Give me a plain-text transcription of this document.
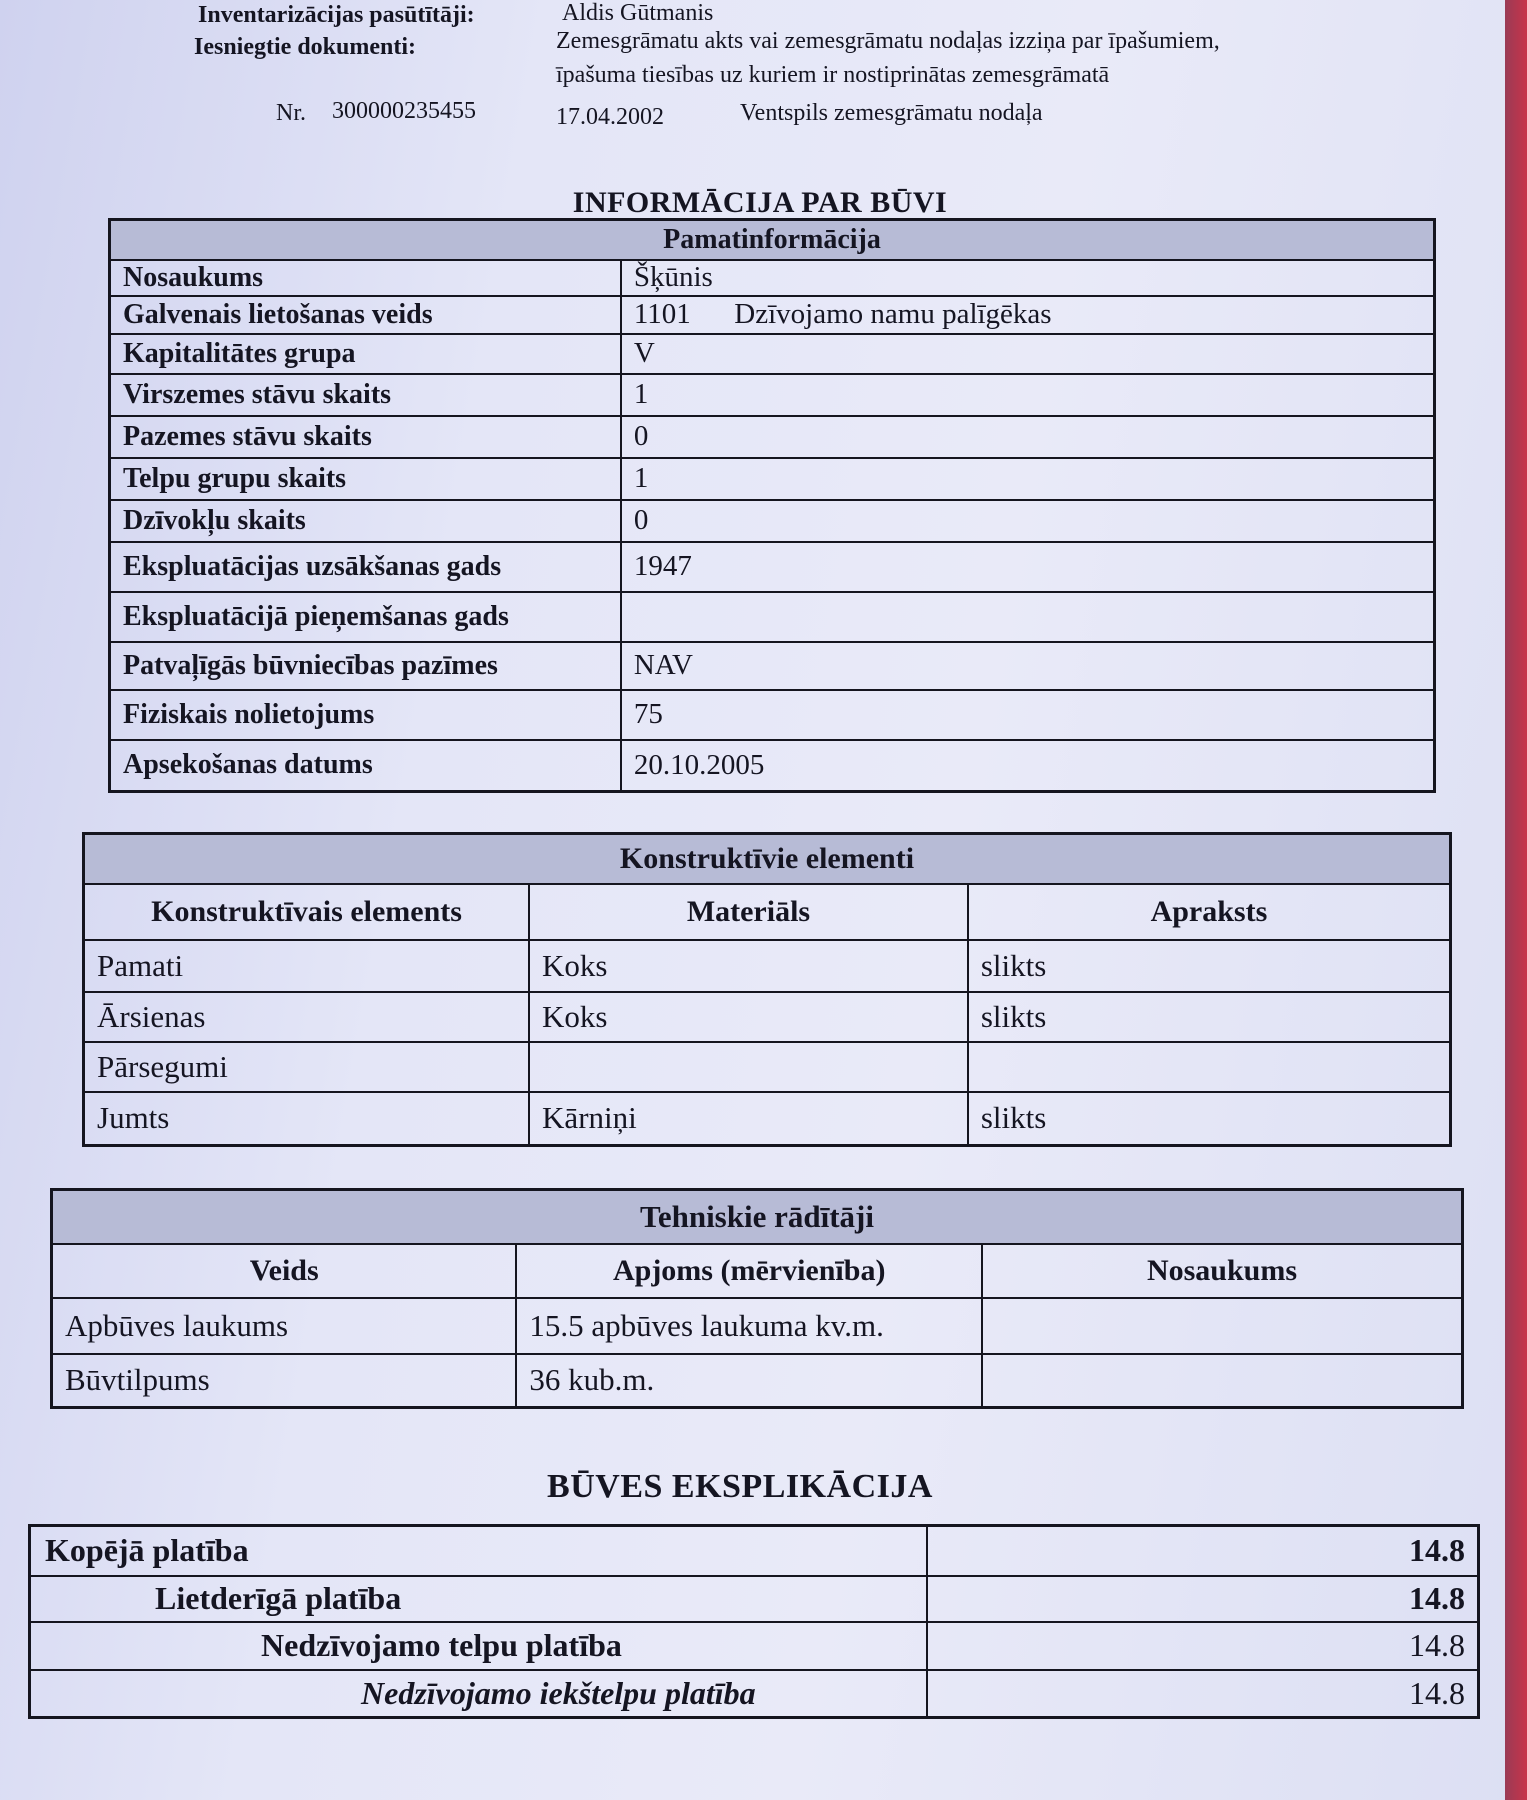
Inventarizācijas pasūtītāji:	Aldis Gūtmanis
Iesniegtie dokumenti:	Zemesgrāmatu akts vai zemesgrāmatu nodaļas izziņa par īpašumiem,
īpašuma tiesības uz kuriem ir nostiprinātas zemesgrāmatā
Nr. 300000235455	17.04.2002	Ventspils zemesgrāmatu nodaļa
INFORMĀCIJA PAR BŪVI
Pamatinformācija	
Nosaukums	Šķūnis
Galvenais lietošanas veids	1101      Dzīvojamo namu palīgēkas
Kapitalitātes grupa	V
Virszemes stāvu skaits	1
Pazemes stāvu skaits	0
Telpu grupu skaits	1
Dzīvokļu skaits	0
Ekspluatācijas uzsākšanas gads	1947
Ekspluatācijā pieņemšanas gads	
Patvaļīgās būvniecības pazīmes	NAV
Fiziskais nolietojums	75
Apsekošanas datums	20.10.2005
Konstruktīvie elementi		
Konstruktīvais elements	Materiāls	Apraksts
Pamati	Koks	slikts
Ārsienas	Koks	slikts
Pārsegumi		
Jumts	Kārniņi	slikts
Tehniskie rādītāji		
Veids	Apjoms (mērvienība)	Nosaukums
Apbūves laukums	15.5 apbūves laukuma kv.m.	
Būvtilpums	36 kub.m.	
BŪVES EKSPLIKĀCIJA
Kopējā platība	14.8
Lietderīgā platība	14.8
Nedzīvojamo telpu platība	14.8
Nedzīvojamo iekštelpu platība	14.8
